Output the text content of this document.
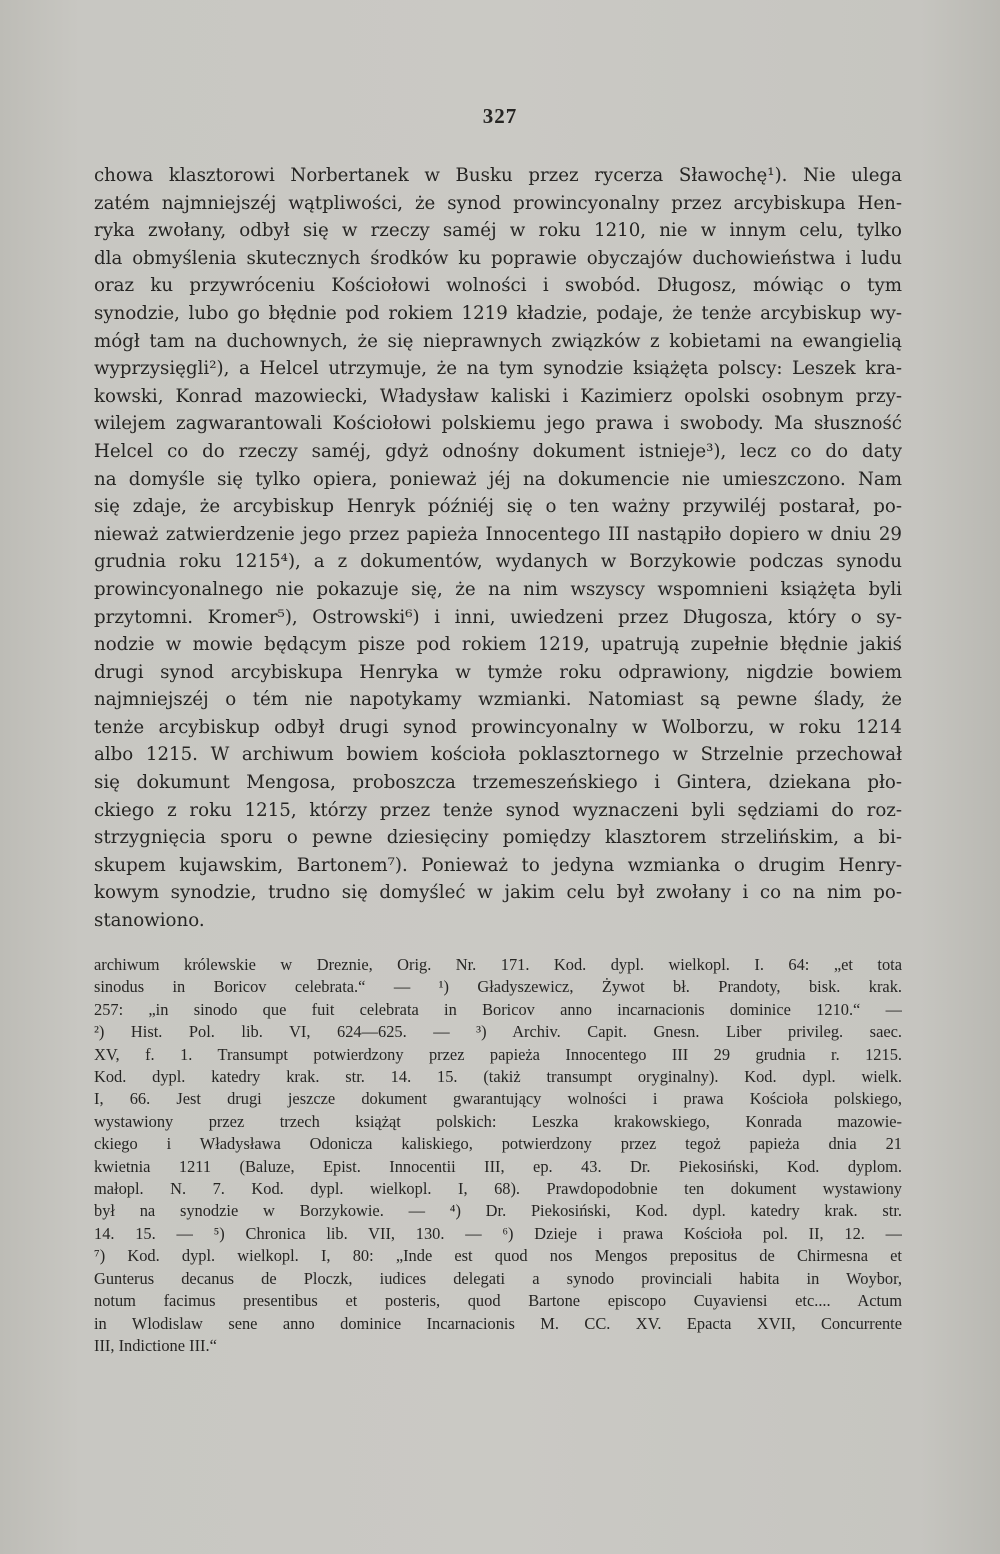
327
chowa klasztorowi Norbertanek w Busku przez rycerza Sławochę¹). Nie ulega
zatém najmniejszéj wątpliwości, że synod prowincyonalny przez arcybiskupa Hen-
ryka zwołany, odbył się w rzeczy saméj w roku 1210, nie w innym celu, tylko
dla obmyślenia skutecznych środków ku poprawie obyczajów duchowieństwa i ludu
oraz ku przywróceniu Kościołowi wolności i swobód. Długosz, mówiąc o tym
synodzie, lubo go błędnie pod rokiem 1219 kładzie, podaje, że tenże arcybiskup wy-
mógł tam na duchownych, że się nieprawnych związków z kobietami na ewangielią
wyprzysięgli²), a Helcel utrzymuje, że na tym synodzie książęta polscy: Leszek kra-
kowski, Konrad mazowiecki, Władysław kaliski i Kazimierz opolski osobnym przy-
wilejem zagwarantowali Kościołowi polskiemu jego prawa i swobody. Ma słuszność
Helcel co do rzeczy saméj, gdyż odnośny dokument istnieje³), lecz co do daty
na domyśle się tylko opiera, ponieważ jéj na dokumencie nie umieszczono. Nam
się zdaje, że arcybiskup Henryk późniéj się o ten ważny przywiléj postarał, po-
nieważ zatwierdzenie jego przez papieża Innocentego III nastąpiło dopiero w dniu 29
grudnia roku 1215⁴), a z dokumentów, wydanych w Borzykowie podczas synodu
prowincyonalnego nie pokazuje się, że na nim wszyscy wspomnieni książęta byli
przytomni. Kromer⁵), Ostrowski⁶) i inni, uwiedzeni przez Długosza, który o sy-
nodzie w mowie będącym pisze pod rokiem 1219, upatrują zupełnie błędnie jakiś
drugi synod arcybiskupa Henryka w tymże roku odprawiony, nigdzie bowiem
najmniejszéj o tém nie napotykamy wzmianki. Natomiast są pewne ślady, że
tenże arcybiskup odbył drugi synod prowincyonalny w Wolborzu, w roku 1214
albo 1215. W archiwum bowiem kościoła poklasztornego w Strzelnie przechował
się dokumunt Mengosa, proboszcza trzemeszeńskiego i Gintera, dziekana pło-
ckiego z roku 1215, którzy przez tenże synod wyznaczeni byli sędziami do roz-
strzygnięcia sporu o pewne dziesięciny pomiędzy klasztorem strzelińskim, a bi-
skupem kujawskim, Bartonem⁷). Ponieważ to jedyna wzmianka o drugim Henry-
kowym synodzie, trudno się domyśleć w jakim celu był zwołany i co na nim po-
stanowiono.
archiwum królewskie w Dreznie, Orig. Nr. 171. Kod. dypl. wielkopl. I. 64: „et tota
sinodus in Boricov celebrata.“ — ¹) Gładyszewicz, Żywot bł. Prandoty, bisk. krak.
257: „in sinodo que fuit celebrata in Boricov anno incarnacionis dominice 1210.“ —
²) Hist. Pol. lib. VI, 624—625. — ³) Archiv. Capit. Gnesn. Liber privileg. saec.
XV, f. 1. Transumpt potwierdzony przez papieża Innocentego III 29 grudnia r. 1215.
Kod. dypl. katedry krak. str. 14. 15. (takiż transumpt oryginalny). Kod. dypl. wielk.
I, 66. Jest drugi jeszcze dokument gwarantujący wolności i prawa Kościoła polskiego,
wystawiony przez trzech książąt polskich: Leszka krakowskiego, Konrada mazowie-
ckiego i Władysława Odonicza kaliskiego, potwierdzony przez tegoż papieża dnia 21
kwietnia 1211 (Baluze, Epist. Innocentii III, ep. 43. Dr. Piekosiński, Kod. dyplom.
małopl. N. 7. Kod. dypl. wielkopl. I, 68). Prawdopodobnie ten dokument wystawiony
był na synodzie w Borzykowie. — ⁴) Dr. Piekosiński, Kod. dypl. katedry krak. str.
14. 15. — ⁵) Chronica lib. VII, 130. — ⁶) Dzieje i prawa Kościoła pol. II, 12. —
⁷) Kod. dypl. wielkopl. I, 80: „Inde est quod nos Mengos prepositus de Chirmesna et
Gunterus decanus de Ploczk, iudices delegati a synodo provinciali habita in Woybor,
notum facimus presentibus et posteris, quod Bartone episcopo Cuyaviensi etc.... Actum
in Wlodislaw sene anno dominice Incarnacionis M. CC. XV. Epacta XVII, Concurrente
III, Indictione III.“
